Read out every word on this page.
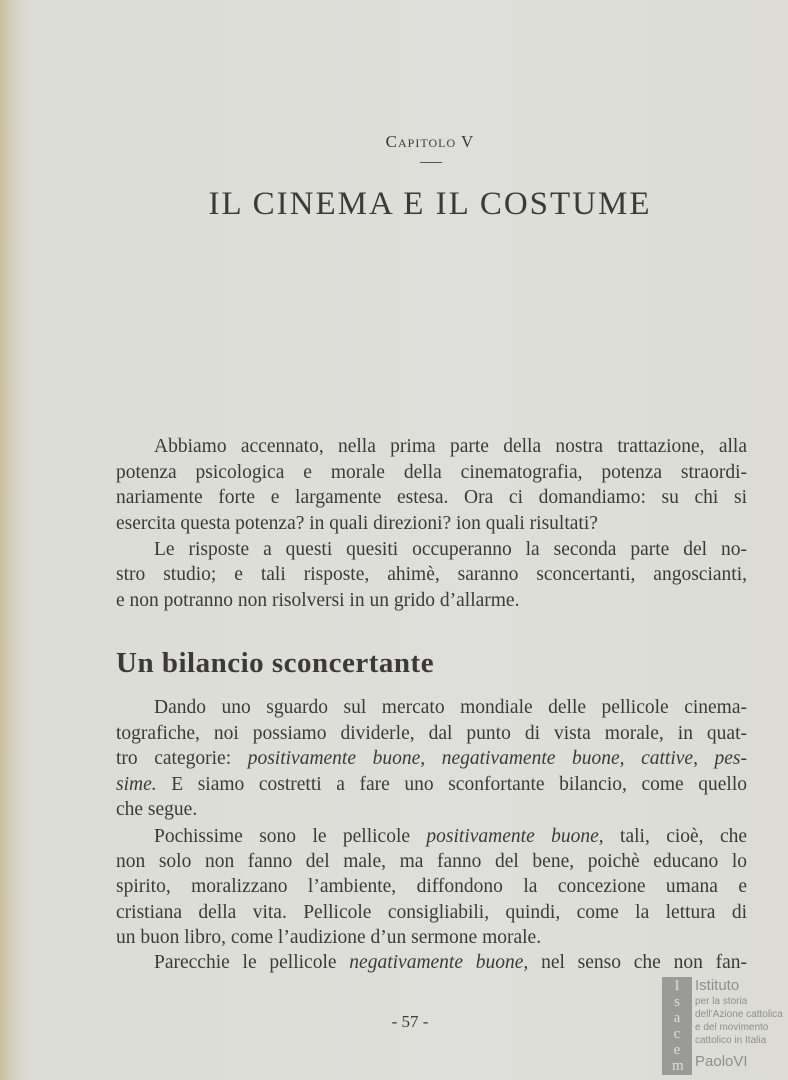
Capitolo V
IL CINEMA E IL COSTUME
Abbiamo accennato, nella prima parte della nostra trattazione, alla
potenza psicologica e morale della cinematografia, potenza straordi-
nariamente forte e largamente estesa. Ora ci domandiamo: su chi si
esercita questa potenza? in quali direzioni? ion quali risultati?
Le risposte a questi quesiti occuperanno la seconda parte del no-
stro studio; e tali risposte, ahimè, saranno sconcertanti, angoscianti,
e non potranno non risolversi in un grido d’allarme.
Un bilancio sconcertante
Dando uno sguardo sul mercato mondiale delle pellicole cinema-
tografiche, noi possiamo dividerle, dal punto di vista morale, in quat-
tro categorie: positivamente buone, negativamente buone, cattive, pes-
sime. E siamo costretti a fare uno sconfortante bilancio, come quello
che segue.
Pochissime sono le pellicole positivamente buone, tali, cioè, che
non solo non fanno del male, ma fanno del bene, poichè educano lo
spirito, moralizzano l’ambiente, diffondono la concezione umana e
cristiana della vita. Pellicole consigliabili, quindi, come la lettura di
un buon libro, come l’audizione d’un sermone morale.
Parecchie le pellicole negativamente buone, nel senso che non fan-
- 57 -
Isacem
Istituto
per la storia
dell’Azione cattolica
e del movimento
cattolico in Italia
PaoloVI
